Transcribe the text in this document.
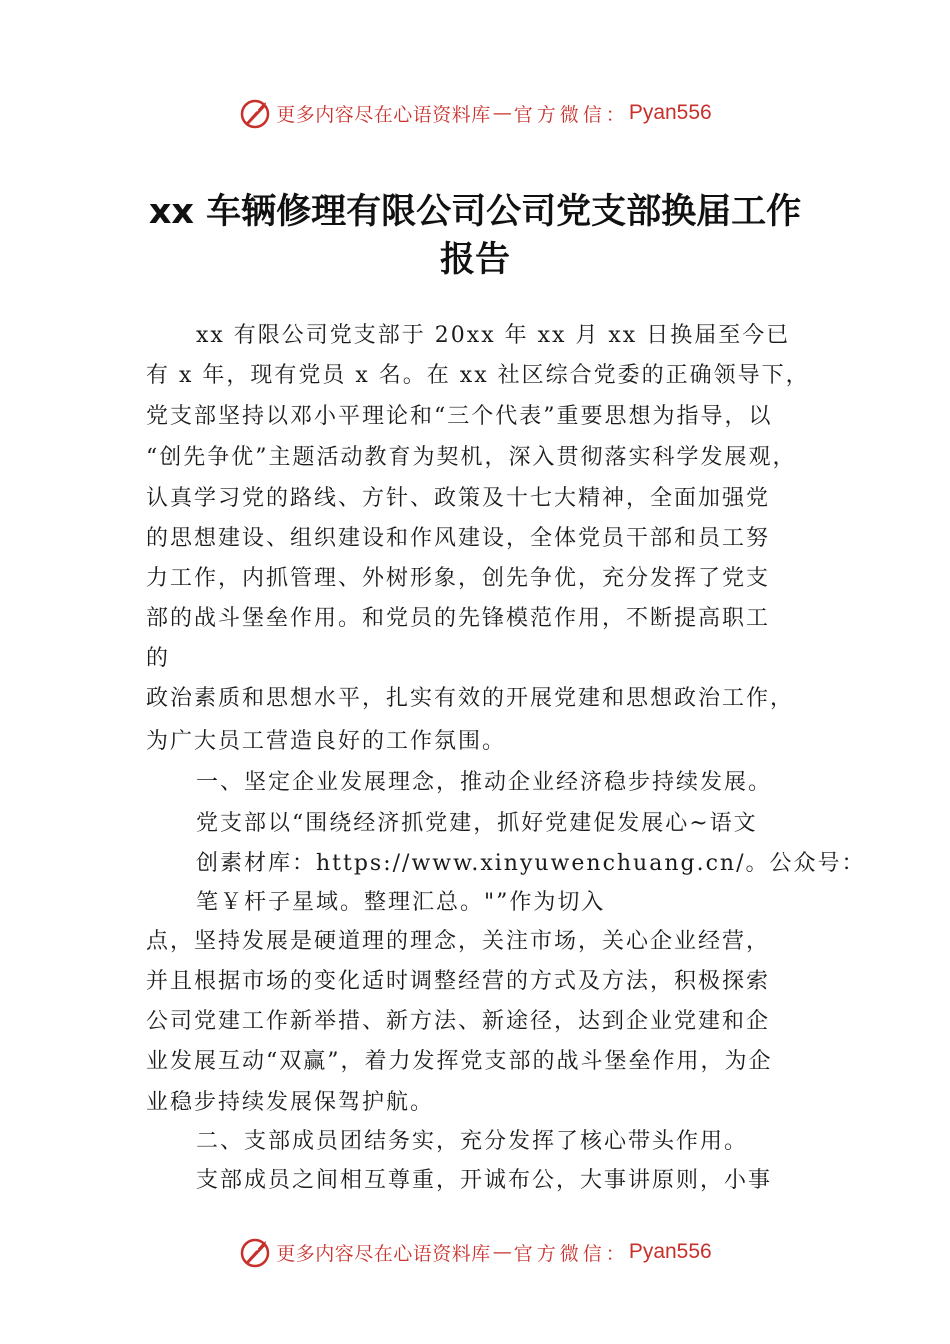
更多内容尽在心语资料库 — 官方微信： Pyan556
xx 车辆修理有限公司公司党支部换届工作
报告
xx 有限公司党支部于 20xx 年 xx 月 xx 日换届至今已
有 x 年，现有党员 x 名。在 xx 社区综合党委的正确领导下，
党支部坚持以邓小平理论和“三个代表”重要思想为指导，以
“创先争优”主题活动教育为契机，深入贯彻落实科学发展观，
认真学习党的路线、方针、政策及十七大精神，全面加强党
的思想建设、组织建设和作风建设，全体党员干部和员工努
力工作，内抓管理、外树形象，创先争优，充分发挥了党支
部的战斗堡垒作用。和党员的先锋模范作用，不断提高职工
的
政治素质和思想水平，扎实有效的开展党建和思想政治工作，
为广大员工营造良好的工作氛围。
一、坚定企业发展理念，推动企业经济稳步持续发展。
党支部以“围绕经济抓党建，抓好党建促发展心~语文
创素材库：https://www.xinyuwenchuang.cn/。公众号：
笔￥杆子星域。整理汇总。"”作为切入
点，坚持发展是硬道理的理念，关注市场，关心企业经营，
并且根据市场的变化适时调整经营的方式及方法，积极探索
公司党建工作新举措、新方法、新途径，达到企业党建和企
业发展互动“双赢”，着力发挥党支部的战斗堡垒作用，为企
业稳步持续发展保驾护航。
二、支部成员团结务实，充分发挥了核心带头作用。
支部成员之间相互尊重，开诚布公，大事讲原则，小事
更多内容尽在心语资料库 — 官方微信： Pyan556
